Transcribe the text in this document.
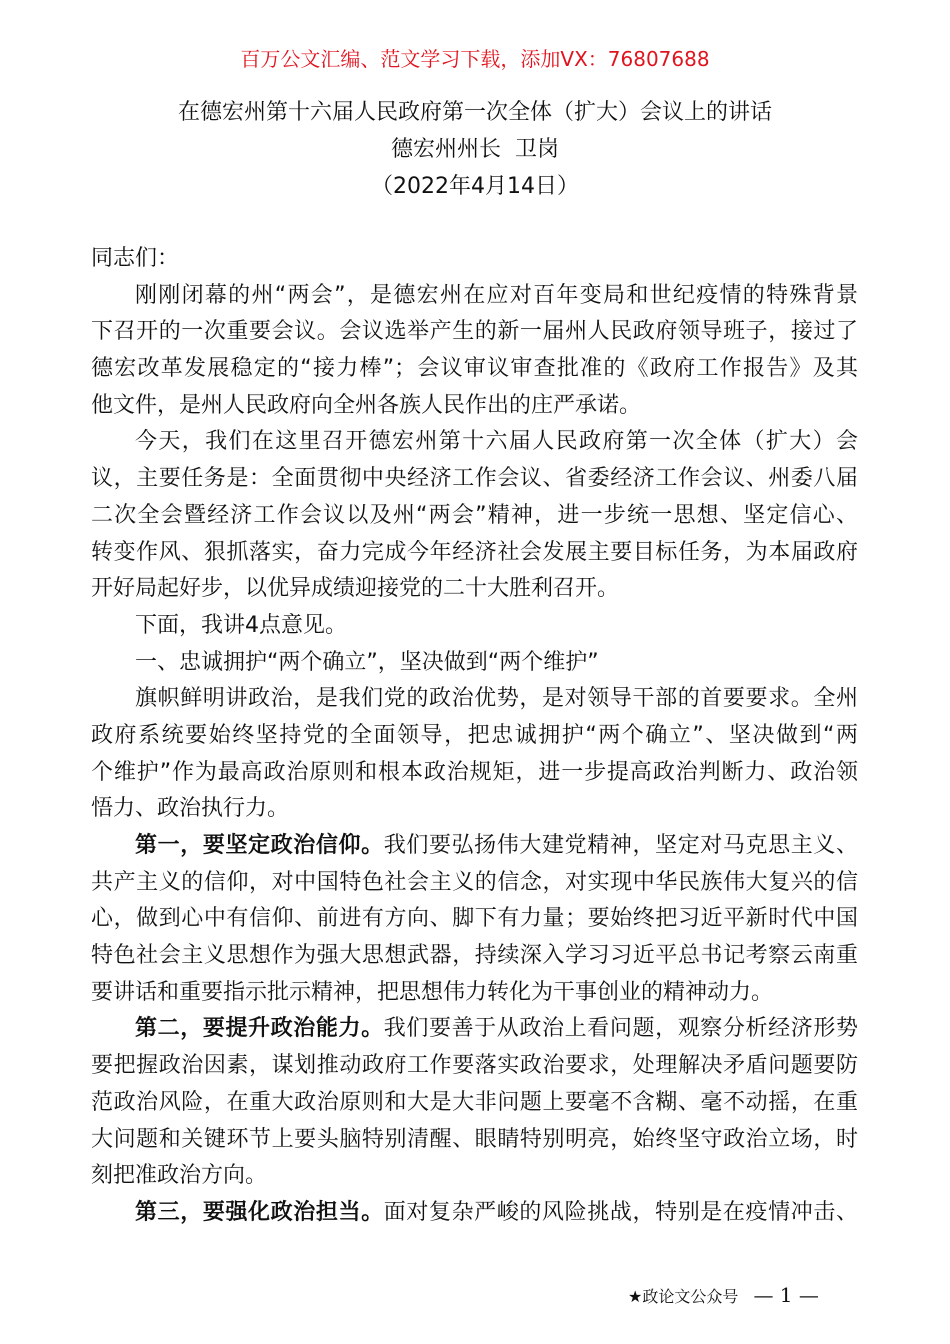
百万公文汇编、范文学习下载，添加VX：76807688
在德宏州第十六届人民政府第一次全体（扩大）会议上的讲话
德宏州州长  卫岗
（2022年4月14日）
同志们：
刚刚闭幕的州“两会”，是德宏州在应对百年变局和世纪疫情的特殊背景
下召开的一次重要会议。会议选举产生的新一届州人民政府领导班子，接过了
德宏改革发展稳定的“接力棒”；会议审议审查批准的《政府工作报告》及其
他文件，是州人民政府向全州各族人民作出的庄严承诺。
今天，我们在这里召开德宏州第十六届人民政府第一次全体（扩大）会
议，主要任务是：全面贯彻中央经济工作会议、省委经济工作会议、州委八届
二次全会暨经济工作会议以及州“两会”精神，进一步统一思想、坚定信心、
转变作风、狠抓落实，奋力完成今年经济社会发展主要目标任务，为本届政府
开好局起好步，以优异成绩迎接党的二十大胜利召开。
下面，我讲4点意见。
一、忠诚拥护“两个确立”，坚决做到“两个维护”
旗帜鲜明讲政治，是我们党的政治优势，是对领导干部的首要要求。全州
政府系统要始终坚持党的全面领导，把忠诚拥护“两个确立”、坚决做到“两
个维护”作为最高政治原则和根本政治规矩，进一步提高政治判断力、政治领
悟力、政治执行力。
第一，要坚定政治信仰。我们要弘扬伟大建党精神，坚定对马克思主义、
共产主义的信仰，对中国特色社会主义的信念，对实现中华民族伟大复兴的信
心，做到心中有信仰、前进有方向、脚下有力量；要始终把习近平新时代中国
特色社会主义思想作为强大思想武器，持续深入学习习近平总书记考察云南重
要讲话和重要指示批示精神，把思想伟力转化为干事创业的精神动力。
第二，要提升政治能力。我们要善于从政治上看问题，观察分析经济形势
要把握政治因素，谋划推动政府工作要落实政治要求，处理解决矛盾问题要防
范政治风险，在重大政治原则和大是大非问题上要毫不含糊、毫不动摇，在重
大问题和关键环节上要头脑特别清醒、眼睛特别明亮，始终坚守政治立场，时
刻把准政治方向。
第三，要强化政治担当。面对复杂严峻的风险挑战，特别是在疫情冲击、
★政论文公众号 — 1 —
